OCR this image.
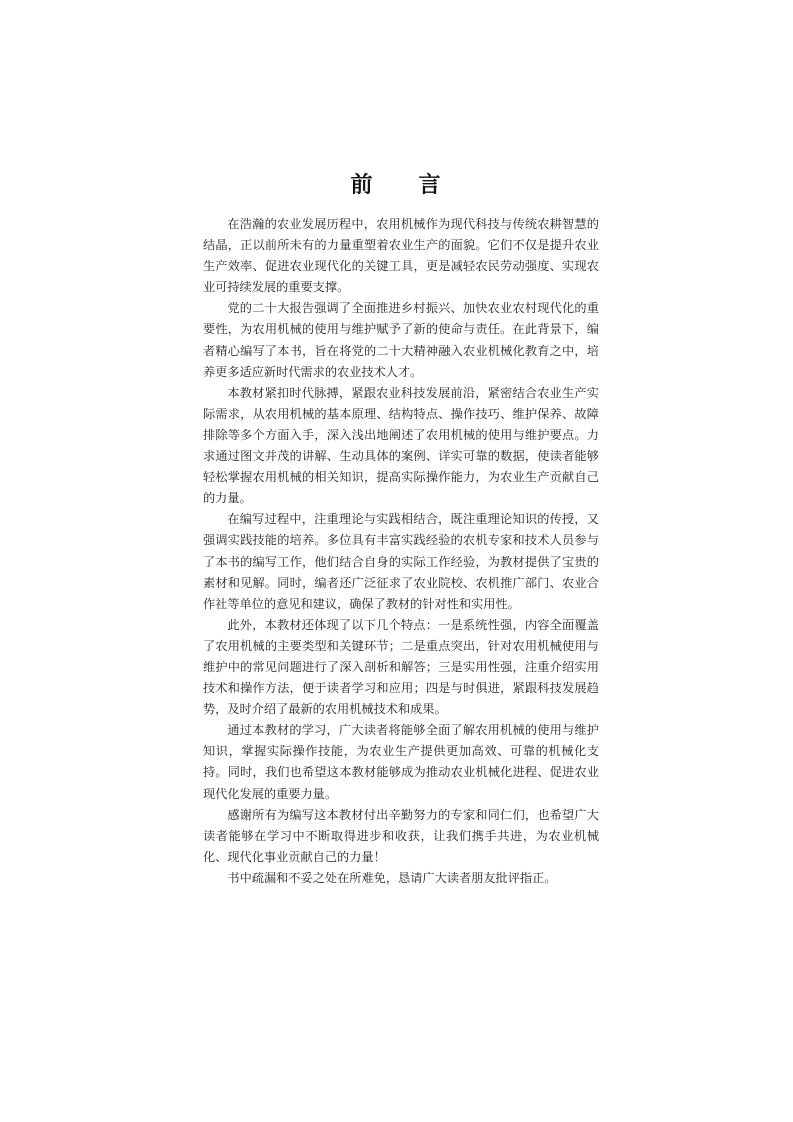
前 言

在浩瀚的农业发展历程中，农用机械作为现代科技与传统农耕智慧的结晶，正以前所未有的力量重塑着农业生产的面貌。它们不仅是提升农业生产效率、促进农业现代化的关键工具，更是减轻农民劳动强度、实现农业可持续发展的重要支撑。

党的二十大报告强调了全面推进乡村振兴、加快农业农村现代化的重要性，为农用机械的使用与维护赋予了新的使命与责任。在此背景下，编者精心编写了本书，旨在将党的二十大精神融入农业机械化教育之中，培养更多适应新时代需求的农业技术人才。

本教材紧扣时代脉搏，紧跟农业科技发展前沿，紧密结合农业生产实际需求，从农用机械的基本原理、结构特点、操作技巧、维护保养、故障排除等多个方面入手，深入浅出地阐述了农用机械的使用与维护要点。力求通过图文并茂的讲解、生动具体的案例、详实可靠的数据，使读者能够轻松掌握农用机械的相关知识，提高实际操作能力，为农业生产贡献自己的力量。

在编写过程中，注重理论与实践相结合，既注重理论知识的传授，又强调实践技能的培养。多位具有丰富实践经验的农机专家和技术人员参与了本书的编写工作，他们结合自身的实际工作经验，为教材提供了宝贵的素材和见解。同时，编者还广泛征求了农业院校、农机推广部门、农业合作社等单位的意见和建议，确保了教材的针对性和实用性。

此外，本教材还体现了以下几个特点：一是系统性强，内容全面覆盖了农用机械的主要类型和关键环节；二是重点突出，针对农用机械使用与维护中的常见问题进行了深入剖析和解答；三是实用性强，注重介绍实用技术和操作方法，便于读者学习和应用；四是与时俱进，紧跟科技发展趋势，及时介绍了最新的农用机械技术和成果。

通过本教材的学习，广大读者将能够全面了解农用机械的使用与维护知识，掌握实际操作技能，为农业生产提供更加高效、可靠的机械化支持。同时，我们也希望这本教材能够成为推动农业机械化进程、促进农业现代化发展的重要力量。

感谢所有为编写这本教材付出辛勤努力的专家和同仁们，也希望广大读者能够在学习中不断取得进步和收获，让我们携手共进，为农业机械化、现代化事业贡献自己的力量！

书中疏漏和不妥之处在所难免，恳请广大读者朋友批评指正。
